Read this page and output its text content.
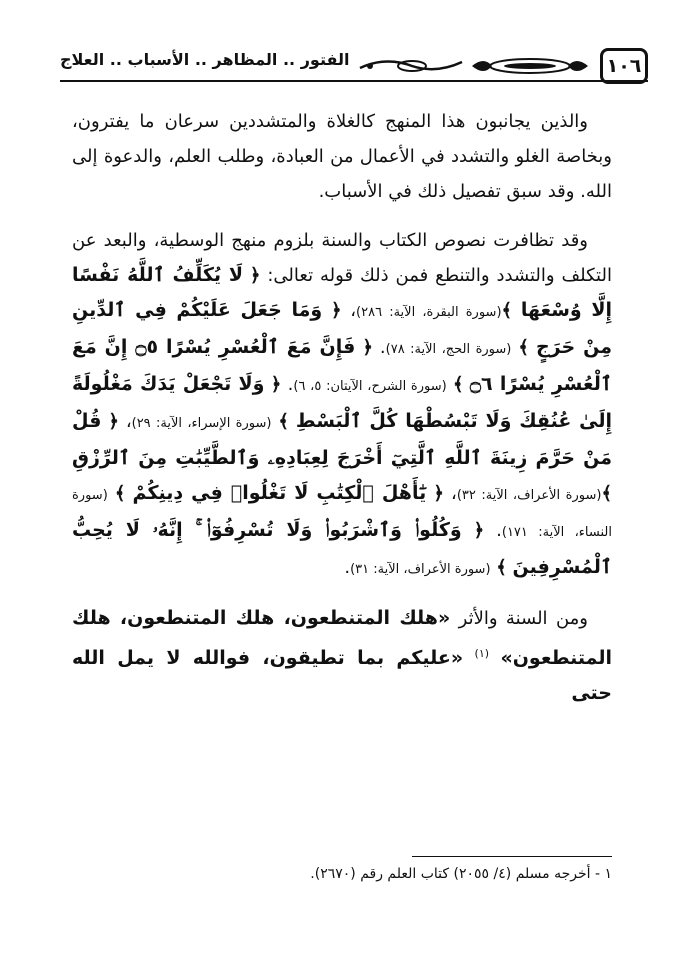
١٠٦
الفتور .. المظاهر .. الأسباب .. العلاج

والذين يجانبون هذا المنهج كالغلاة والمتشددين سرعان ما يفترون، وبخاصة الغلو والتشدد في الأعمال من العبادة، وطلب العلم، والدعوة إلى الله. وقد سبق تفصيل ذلك في الأسباب.

وقد تظافرت نصوص الكتاب والسنة بلزوم منهج الوسطية، والبعد عن التكلف والتشدد والتنطع فمن ذلك قوله تعالى: ﴿ لَا يُكَلِّفُ ٱللَّهُ نَفْسًا إِلَّا وُسْعَهَا ﴾(سورة البقرة، الآية: ٢٨٦)، ﴿ وَمَا جَعَلَ عَلَيْكُمْ فِي ٱلدِّينِ مِنْ حَرَجٍ ﴾ (سورة الحج، الآية: ٧٨). ﴿ فَإِنَّ مَعَ ٱلْعُسْرِ يُسْرًا ۝٥ إِنَّ مَعَ ٱلْعُسْرِ يُسْرًا ۝٦ ﴾ (سورة الشرح، الآيتان: ٥، ٦). ﴿ وَلَا تَجْعَلْ يَدَكَ مَغْلُولَةً إِلَىٰ عُنُقِكَ وَلَا تَبْسُطْهَا كُلَّ ٱلْبَسْطِ ﴾ (سورة الإسراء، الآية: ٢٩)، ﴿ قُلْ مَنْ حَرَّمَ زِينَةَ ٱللَّهِ ٱلَّتِيٓ أَخْرَجَ لِعِبَادِهِۦ وَٱلطَّيِّبَٰتِ مِنَ ٱلرِّزْقِ ﴾(سورة الأعراف، الآية: ٣٢)، ﴿ يَٰٓأَهْلَ ٱلْكِتَٰبِ لَا تَغْلُوا۟ فِي دِينِكُمْ ﴾ (سورة النساء، الآية: ١٧١). ﴿ وَكُلُوا۟ وَٱشْرَبُوا۟ وَلَا تُسْرِفُوٓا۟ ۚ إِنَّهُۥ لَا يُحِبُّ ٱلْمُسْرِفِينَ ﴾ (سورة الأعراف، الآية: ٣١).

ومن السنة والأثر «هلك المتنطعون، هلك المتنطعون، هلك المتنطعون» $^{(١)}$ «عليكم بما تطيقون، فوالله لا يمل الله حتى

١ - أخرجه مسلم (٤/ ٢٠٥٥) كتاب العلم رقم (٢٦٧٠).
